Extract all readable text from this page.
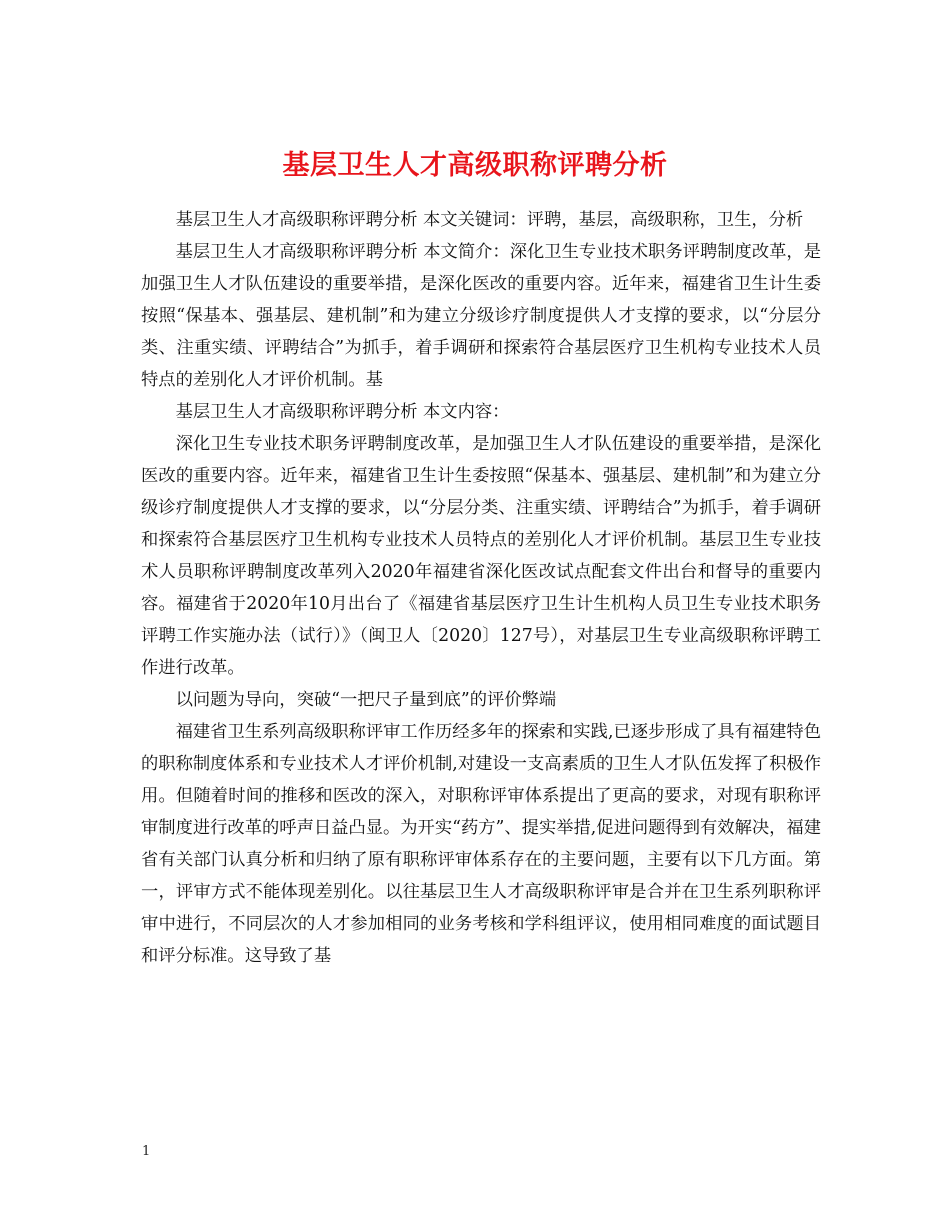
基层卫生人才高级职称评聘分析

基层卫生人才高级职称评聘分析 本文关键词：评聘，基层，高级职称，卫生，分析

基层卫生人才高级职称评聘分析 本文简介：深化卫生专业技术职务评聘制度改革，是加强卫生人才队伍建设的重要举措，是深化医改的重要内容。近年来，福建省卫生计生委按照“保基本、强基层、建机制”和为建立分级诊疗制度提供人才支撑的要求，以“分层分类、注重实绩、评聘结合”为抓手，着手调研和探索符合基层医疗卫生机构专业技术人员特点的差别化人才评价机制。基

基层卫生人才高级职称评聘分析 本文内容：

深化卫生专业技术职务评聘制度改革，是加强卫生人才队伍建设的重要举措，是深化医改的重要内容。近年来，福建省卫生计生委按照“保基本、强基层、建机制”和为建立分级诊疗制度提供人才支撑的要求，以“分层分类、注重实绩、评聘结合”为抓手，着手调研和探索符合基层医疗卫生机构专业技术人员特点的差别化人才评价机制。基层卫生专业技术人员职称评聘制度改革列入2020年福建省深化医改试点配套文件出台和督导的重要内容。福建省于2020年10月出台了《福建省基层医疗卫生计生机构人员卫生专业技术职务评聘工作实施办法（试行）》（闽卫人〔2020〕127号），对基层卫生专业高级职称评聘工作进行改革。

以问题为导向，突破“一把尺子量到底”的评价弊端

福建省卫生系列高级职称评审工作历经多年的探索和实践,已逐步形成了具有福建特色的职称制度体系和专业技术人才评价机制,对建设一支高素质的卫生人才队伍发挥了积极作用。但随着时间的推移和医改的深入，对职称评审体系提出了更高的要求，对现有职称评审制度进行改革的呼声日益凸显。为开实“药方”、提实举措,促进问题得到有效解决，福建省有关部门认真分析和归纳了原有职称评审体系存在的主要问题，主要有以下几方面。第一，评审方式不能体现差别化。以往基层卫生人才高级职称评审是合并在卫生系列职称评审中进行，不同层次的人才参加相同的业务考核和学科组评议，使用相同难度的面试题目和评分标准。这导致了基

1
